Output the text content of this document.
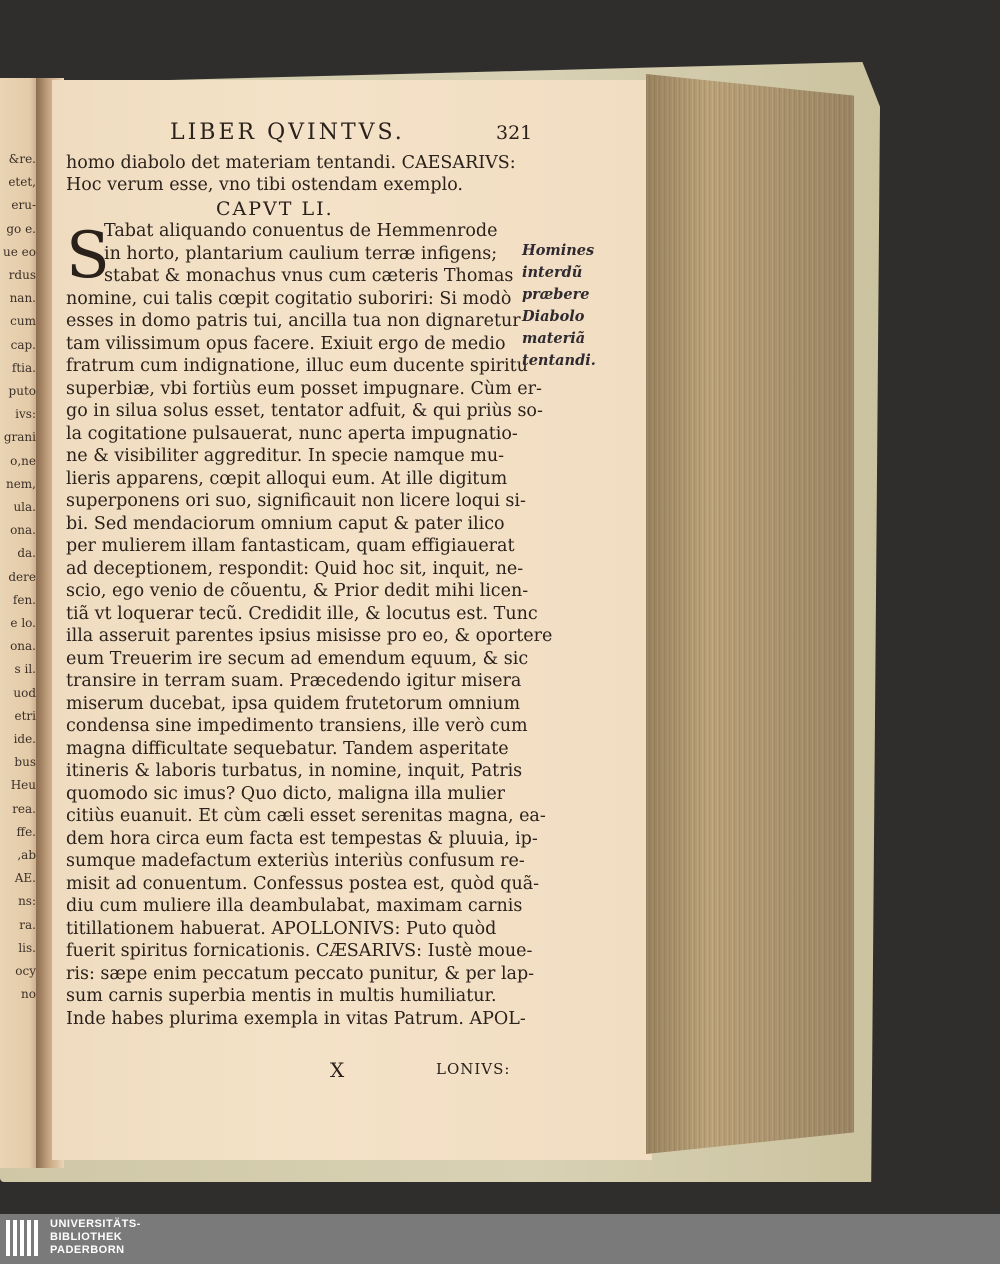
&re.
etet,
eru-
go e.
ue eo
rdus
nan.
cum
cap.
ftia.
puto
ivs:
grani
o,ne
nem,
ula.
ona.
da.
dere
fen.
e lo.
ona.
s il.
uod
etri
ide.
bus
Heu
rea.
ffe.
,ab
AE.
ns:
ra.
lis.
ocy
no
LIBER QVINTVS.	321
homo diabolo det materiam tentandi. CAESARIVS:
Hoc verum esse, vno tibi ostendam exemplo.
CAPVT LI.
S
Tabat aliquando conuentus de Hemmenrode
in horto, plantarium caulium terræ infigens;
stabat & monachus vnus cum cæteris Thomas
nomine, cui talis cœpit cogitatio suboriri: Si modò
esses in domo patris tui, ancilla tua non dignaretur
tam vilissimum opus facere. Exiuit ergo de medio
fratrum cum indignatione, illuc eum ducente spiritu
superbiæ, vbi fortiùs eum posset impugnare. Cùm er-
go in silua solus esset, tentator adfuit, & qui priùs so-
la cogitatione pulsauerat, nunc aperta impugnatio-
ne & visibiliter aggreditur. In specie namque mu-
lieris apparens, cœpit alloqui eum. At ille digitum
superponens ori suo, significauit non licere loqui si-
bi. Sed mendaciorum omnium caput & pater ilico
per mulierem illam fantasticam, quam effigiauerat
ad deceptionem, respondit: Quid hoc sit, inquit, ne-
scio, ego venio de cõuentu, & Prior dedit mihi licen-
tiã vt loquerar tecũ. Credidit ille, & locutus est. Tunc
illa asseruit parentes ipsius misisse pro eo, & oportere
eum Treuerim ire secum ad emendum equum, & sic
transire in terram suam. Præcedendo igitur misera
miserum ducebat, ipsa quidem frutetorum omnium
condensa sine impedimento transiens, ille verò cum
magna difficultate sequebatur. Tandem asperitate
itineris & laboris turbatus, in nomine, inquit, Patris
quomodo sic imus? Quo dicto, maligna illa mulier
citiùs euanuit. Et cùm cæli esset serenitas magna, ea-
dem hora circa eum facta est tempestas & pluuia, ip-
sumque madefactum exteriùs interiùs confusum re-
misit ad conuentum. Confessus postea est, quòd quã-
diu cum muliere illa deambulabat, maximam carnis
titillationem habuerat. APOLLONIVS: Puto quòd
fuerit spiritus fornicationis. CÆSARIVS: Iustè moue-
ris: sæpe enim peccatum peccato punitur, & per lap-
sum carnis superbia mentis in multis humiliatur.
Inde habes plurima exempla in vitas Patrum. APOL-
Homines
interdũ
præbere
Diabolo
materiã
tentandi.
X	LONIVS:
UNIVERSITÄTS-
BIBLIOTHEK
PADERBORN
